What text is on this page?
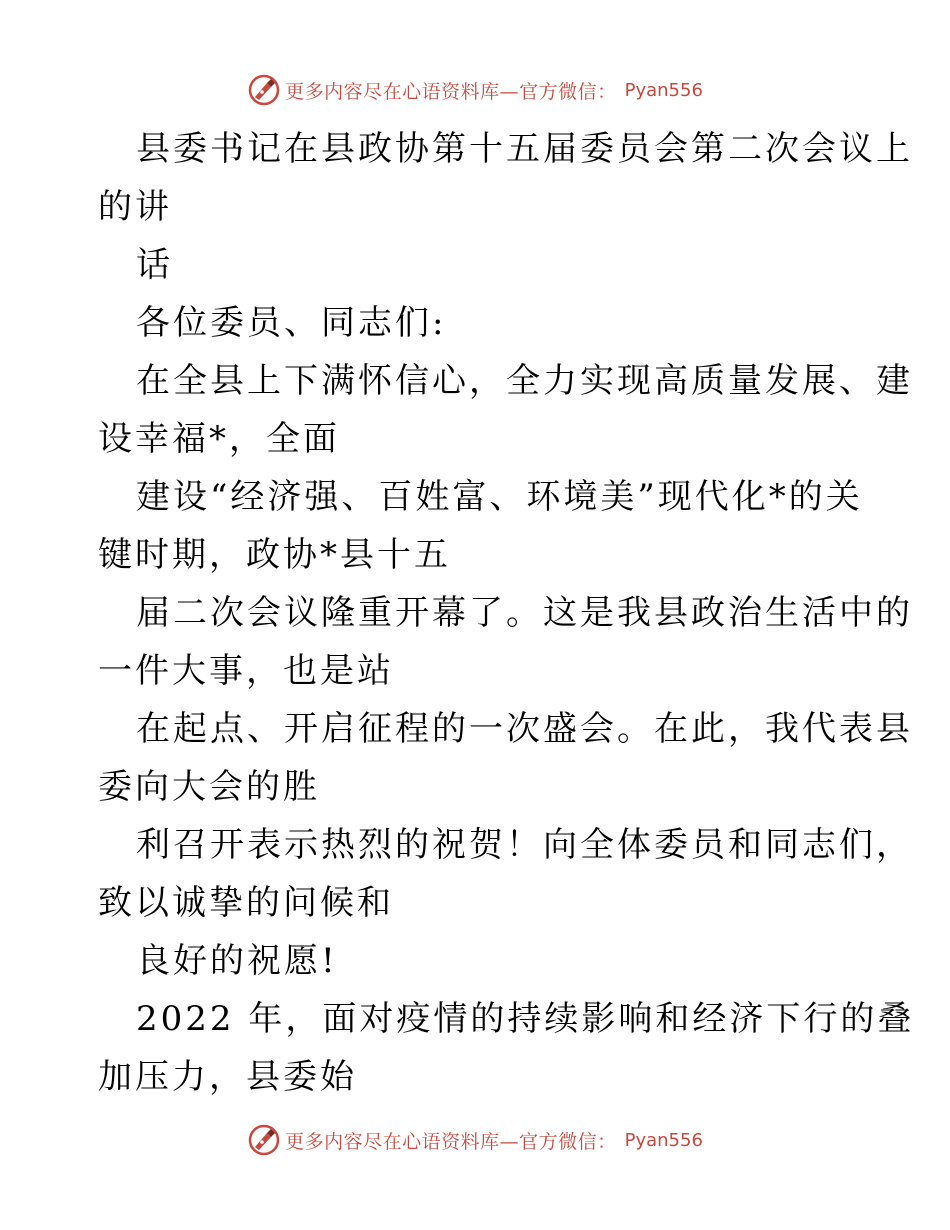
更多内容尽在心语资料库—官方微信： Pyan556
县委书记在县政协第十五届委员会第二次会议上
的讲
话
各位委员、同志们:
在全县上下满怀信心，全力实现高质量发展、建
设幸福*，全面
建设“经济强、百姓富、环境美”现代化*的关
键时期，政协*县十五
届二次会议隆重开幕了。这是我县政治生活中的
一件大事，也是站
在起点、开启征程的一次盛会。在此，我代表县
委向大会的胜
利召开表示热烈的祝贺！向全体委员和同志们，
致以诚挚的问候和
良好的祝愿!
2022 年，面对疫情的持续影响和经济下行的叠
加压力，县委始
更多内容尽在心语资料库—官方微信： Pyan556
